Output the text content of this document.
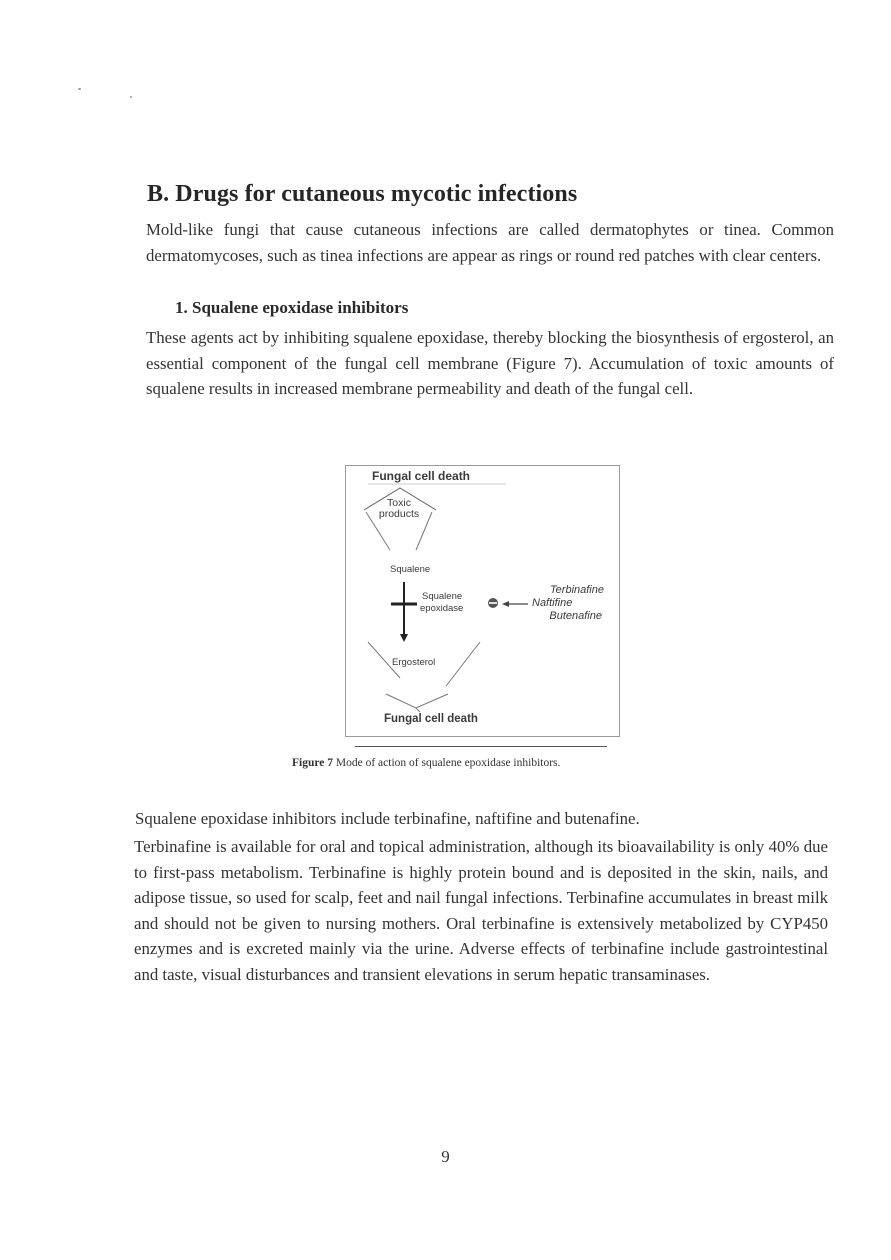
B. Drugs for cutaneous mycotic infections

Mold-like fungi that cause cutaneous infections are called dermatophytes or tinea. Common dermatomycoses, such as tinea infections are appear as rings or round red patches with clear centers.

1. Squalene epoxidase inhibitors

These agents act by inhibiting squalene epoxidase, thereby blocking the biosynthesis of ergosterol, an essential component of the fungal cell membrane (Figure 7). Accumulation of toxic amounts of squalene results in increased membrane permeability and death of the fungal cell.

Fungal cell death
Toxic
products
Squalene
Squalene
epoxidase
Terbinafine
Naftifine
Butenafine
Ergosterol
Fungal cell death

Figure 7 Mode of action of squalene epoxidase inhibitors.

Squalene epoxidase inhibitors include terbinafine, naftifine and butenafine.

Terbinafine is available for oral and topical administration, although its bioavailability is only 40% due to first-pass metabolism. Terbinafine is highly protein bound and is deposited in the skin, nails, and adipose tissue, so used for scalp, feet and nail fungal infections. Terbinafine accumulates in breast milk and should not be given to nursing mothers. Oral terbinafine is extensively metabolized by CYP450 enzymes and is excreted mainly via the urine. Adverse effects of terbinafine include gastrointestinal and taste, visual disturbances and transient elevations in serum hepatic transaminases.

9
